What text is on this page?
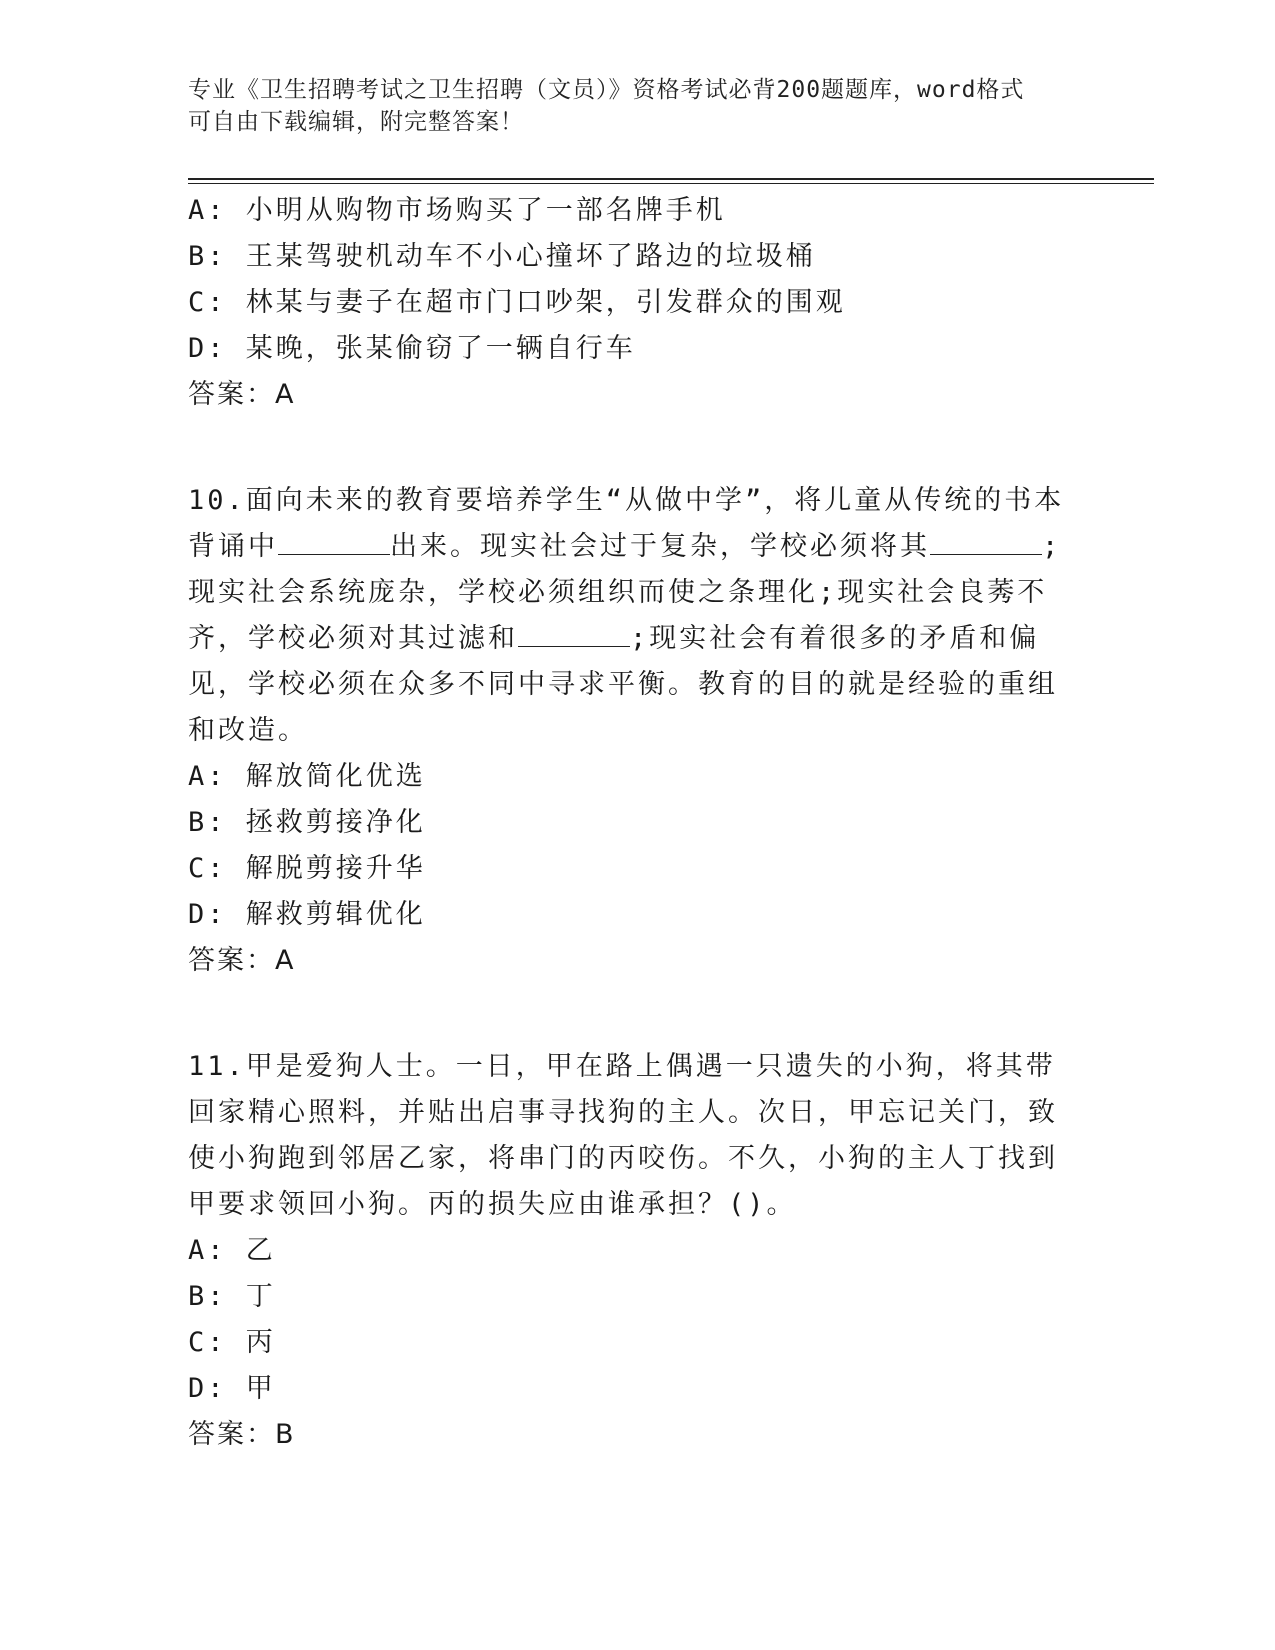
专业《卫生招聘考试之卫生招聘（文员）》资格考试必背200题题库，word格式
可自由下载编辑，附完整答案！
A: 小明从购物市场购买了一部名牌手机
B: 王某驾驶机动车不小心撞坏了路边的垃圾桶
C: 林某与妻子在超市门口吵架，引发群众的围观
D: 某晚，张某偷窃了一辆自行车
答案：A
10.面向未来的教育要培养学生“从做中学”，将儿童从传统的书本背诵中	出来。现实社会过于复杂，学校必须将其	;现实社会系统庞杂，学校必须组织而使之条理化;现实社会良莠不齐，学校必须对其过滤和	;现实社会有着很多的矛盾和偏见，学校必须在众多不同中寻求平衡。教育的目的就是经验的重组和改造。
A: 解放简化优选
B: 拯救剪接净化
C: 解脱剪接升华
D: 解救剪辑优化
答案：A
11.甲是爱狗人士。一日，甲在路上偶遇一只遗失的小狗，将其带回家精心照料，并贴出启事寻找狗的主人。次日，甲忘记关门，致使小狗跑到邻居乙家，将串门的丙咬伤。不久，小狗的主人丁找到甲要求领回小狗。丙的损失应由谁承担？()。
A: 乙
B: 丁
C: 丙
D: 甲
答案：B
